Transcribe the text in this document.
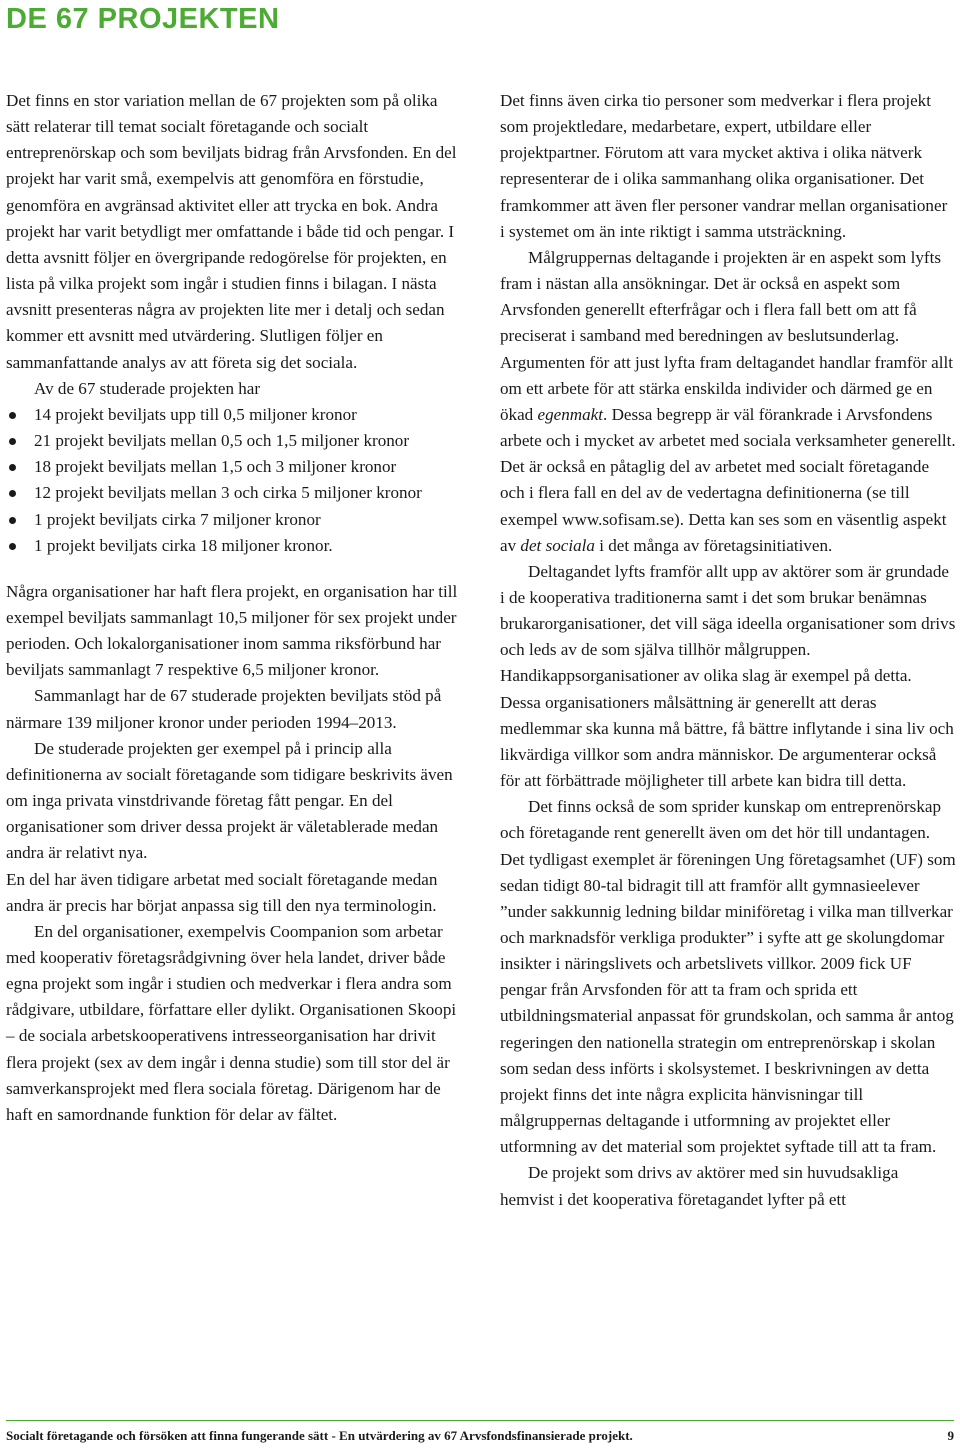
DE 67 PROJEKTEN

Det finns en stor variation mellan de 67 projekten som på olika sätt relaterar till temat socialt företagande och socialt entreprenörskap och som beviljats bidrag från Arvsfonden. En del projekt har varit små, exempelvis att genomföra en förstudie, genomföra en avgränsad aktivitet eller att trycka en bok. Andra projekt har varit betydligt mer omfattande i både tid och pengar. I detta avsnitt följer en övergripande redogörelse för projekten, en lista på vilka projekt som ingår i studien finns i bilagan. I nästa avsnitt presenteras några av projekten lite mer i detalj och sedan kommer ett avsnitt med utvärdering. Slutligen följer en sammanfattande analys av att företa sig det sociala.

Av de 67 studerade projekten har

14 projekt beviljats upp till 0,5 miljoner kronor
21 projekt beviljats mellan 0,5 och 1,5 miljoner kronor
18 projekt beviljats mellan 1,5 och 3 miljoner kronor
12 projekt beviljats mellan 3 och cirka 5 miljoner kronor
1 projekt beviljats cirka 7 miljoner kronor
1 projekt beviljats cirka 18 miljoner kronor.

Några organisationer har haft flera projekt, en organisation har till exempel beviljats sammanlagt 10,5 miljoner för sex projekt under perioden. Och lokalorganisationer inom samma riksförbund har beviljats sammanlagt 7 respektive 6,5 miljoner kronor.

Sammanlagt har de 67 studerade projekten beviljats stöd på närmare 139 miljoner kronor under perioden 1994–2013.

De studerade projekten ger exempel på i princip alla definitionerna av socialt företagande som tidigare beskrivits även om inga privata vinstdrivande företag fått pengar. En del organisationer som driver dessa projekt är väletablerade medan andra är relativt nya.

En del har även tidigare arbetat med socialt företagande medan andra är precis har börjat anpassa sig till den nya terminologin.

En del organisationer, exempelvis Coompanion som arbetar med kooperativ företagsrådgivning över hela landet, driver både egna projekt som ingår i studien och medverkar i flera andra som rådgivare, utbildare, författare eller dylikt. Organisationen Skoopi – de sociala arbetskooperativens intresseorganisation har drivit flera projekt (sex av dem ingår i denna studie) som till stor del är samverkansprojekt med flera sociala företag. Därigenom har de haft en samordnande funktion för delar av fältet.

Det finns även cirka tio personer som medverkar i flera projekt som projektledare, medarbetare, expert, utbildare eller projektpartner. Förutom att vara mycket aktiva i olika nätverk representerar de i olika sammanhang olika organisationer. Det framkommer att även fler personer vandrar mellan organisationer i systemet om än inte riktigt i samma utsträckning.

Målgruppernas deltagande i projekten är en aspekt som lyfts fram i nästan alla ansökningar. Det är också en aspekt som Arvsfonden generellt efterfrågar och i flera fall bett om att få preciserat i samband med beredningen av beslutsunderlag. Argumenten för att just lyfta fram deltagandet handlar framför allt om ett arbete för att stärka enskilda individer och därmed ge en ökad egenmakt. Dessa begrepp är väl förankrade i Arvsfondens arbete och i mycket av arbetet med sociala verksamheter generellt. Det är också en påtaglig del av arbetet med socialt företagande och i flera fall en del av de vedertagna definitionerna (se till exempel www.sofisam.se). Detta kan ses som en väsentlig aspekt av det sociala i det många av företagsinitiativen.

Deltagandet lyfts framför allt upp av aktörer som är grundade i de kooperativa traditionerna samt i det som brukar benämnas brukarorganisationer, det vill säga ideella organisationer som drivs och leds av de som själva tillhör målgruppen. Handikappsorganisationer av olika slag är exempel på detta. Dessa organisationers målsättning är generellt att deras medlemmar ska kunna må bättre, få bättre inflytande i sina liv och likvärdiga villkor som andra människor. De argumenterar också för att förbättrade möjligheter till arbete kan bidra till detta.

Det finns också de som sprider kunskap om entreprenörskap och företagande rent generellt även om det hör till undantagen. Det tydligast exemplet är föreningen Ung företagsamhet (UF) som sedan tidigt 80-tal bidragit till att framför allt gymnasieelever ”under sakkunnig ledning bildar miniföretag i vilka man tillverkar och marknadsför verkliga produkter” i syfte att ge skolungdomar insikter i näringslivets och arbetslivets villkor. 2009 fick UF pengar från Arvsfonden för att ta fram och sprida ett utbildningsmaterial anpassat för grundskolan, och samma år antog regeringen den nationella strategin om entreprenörskap i skolan som sedan dess införts i skolsystemet. I beskrivningen av detta projekt finns det inte några explicita hänvisningar till målgruppernas deltagande i utformning av projektet eller utformning av det material som projektet syftade till att ta fram.

De projekt som drivs av aktörer med sin huvudsakliga hemvist i det kooperativa företagandet lyfter på ett

Socialt företagande och försöken att finna fungerande sätt - En utvärdering av 67 Arvsfondsfinansierade projekt.	9
